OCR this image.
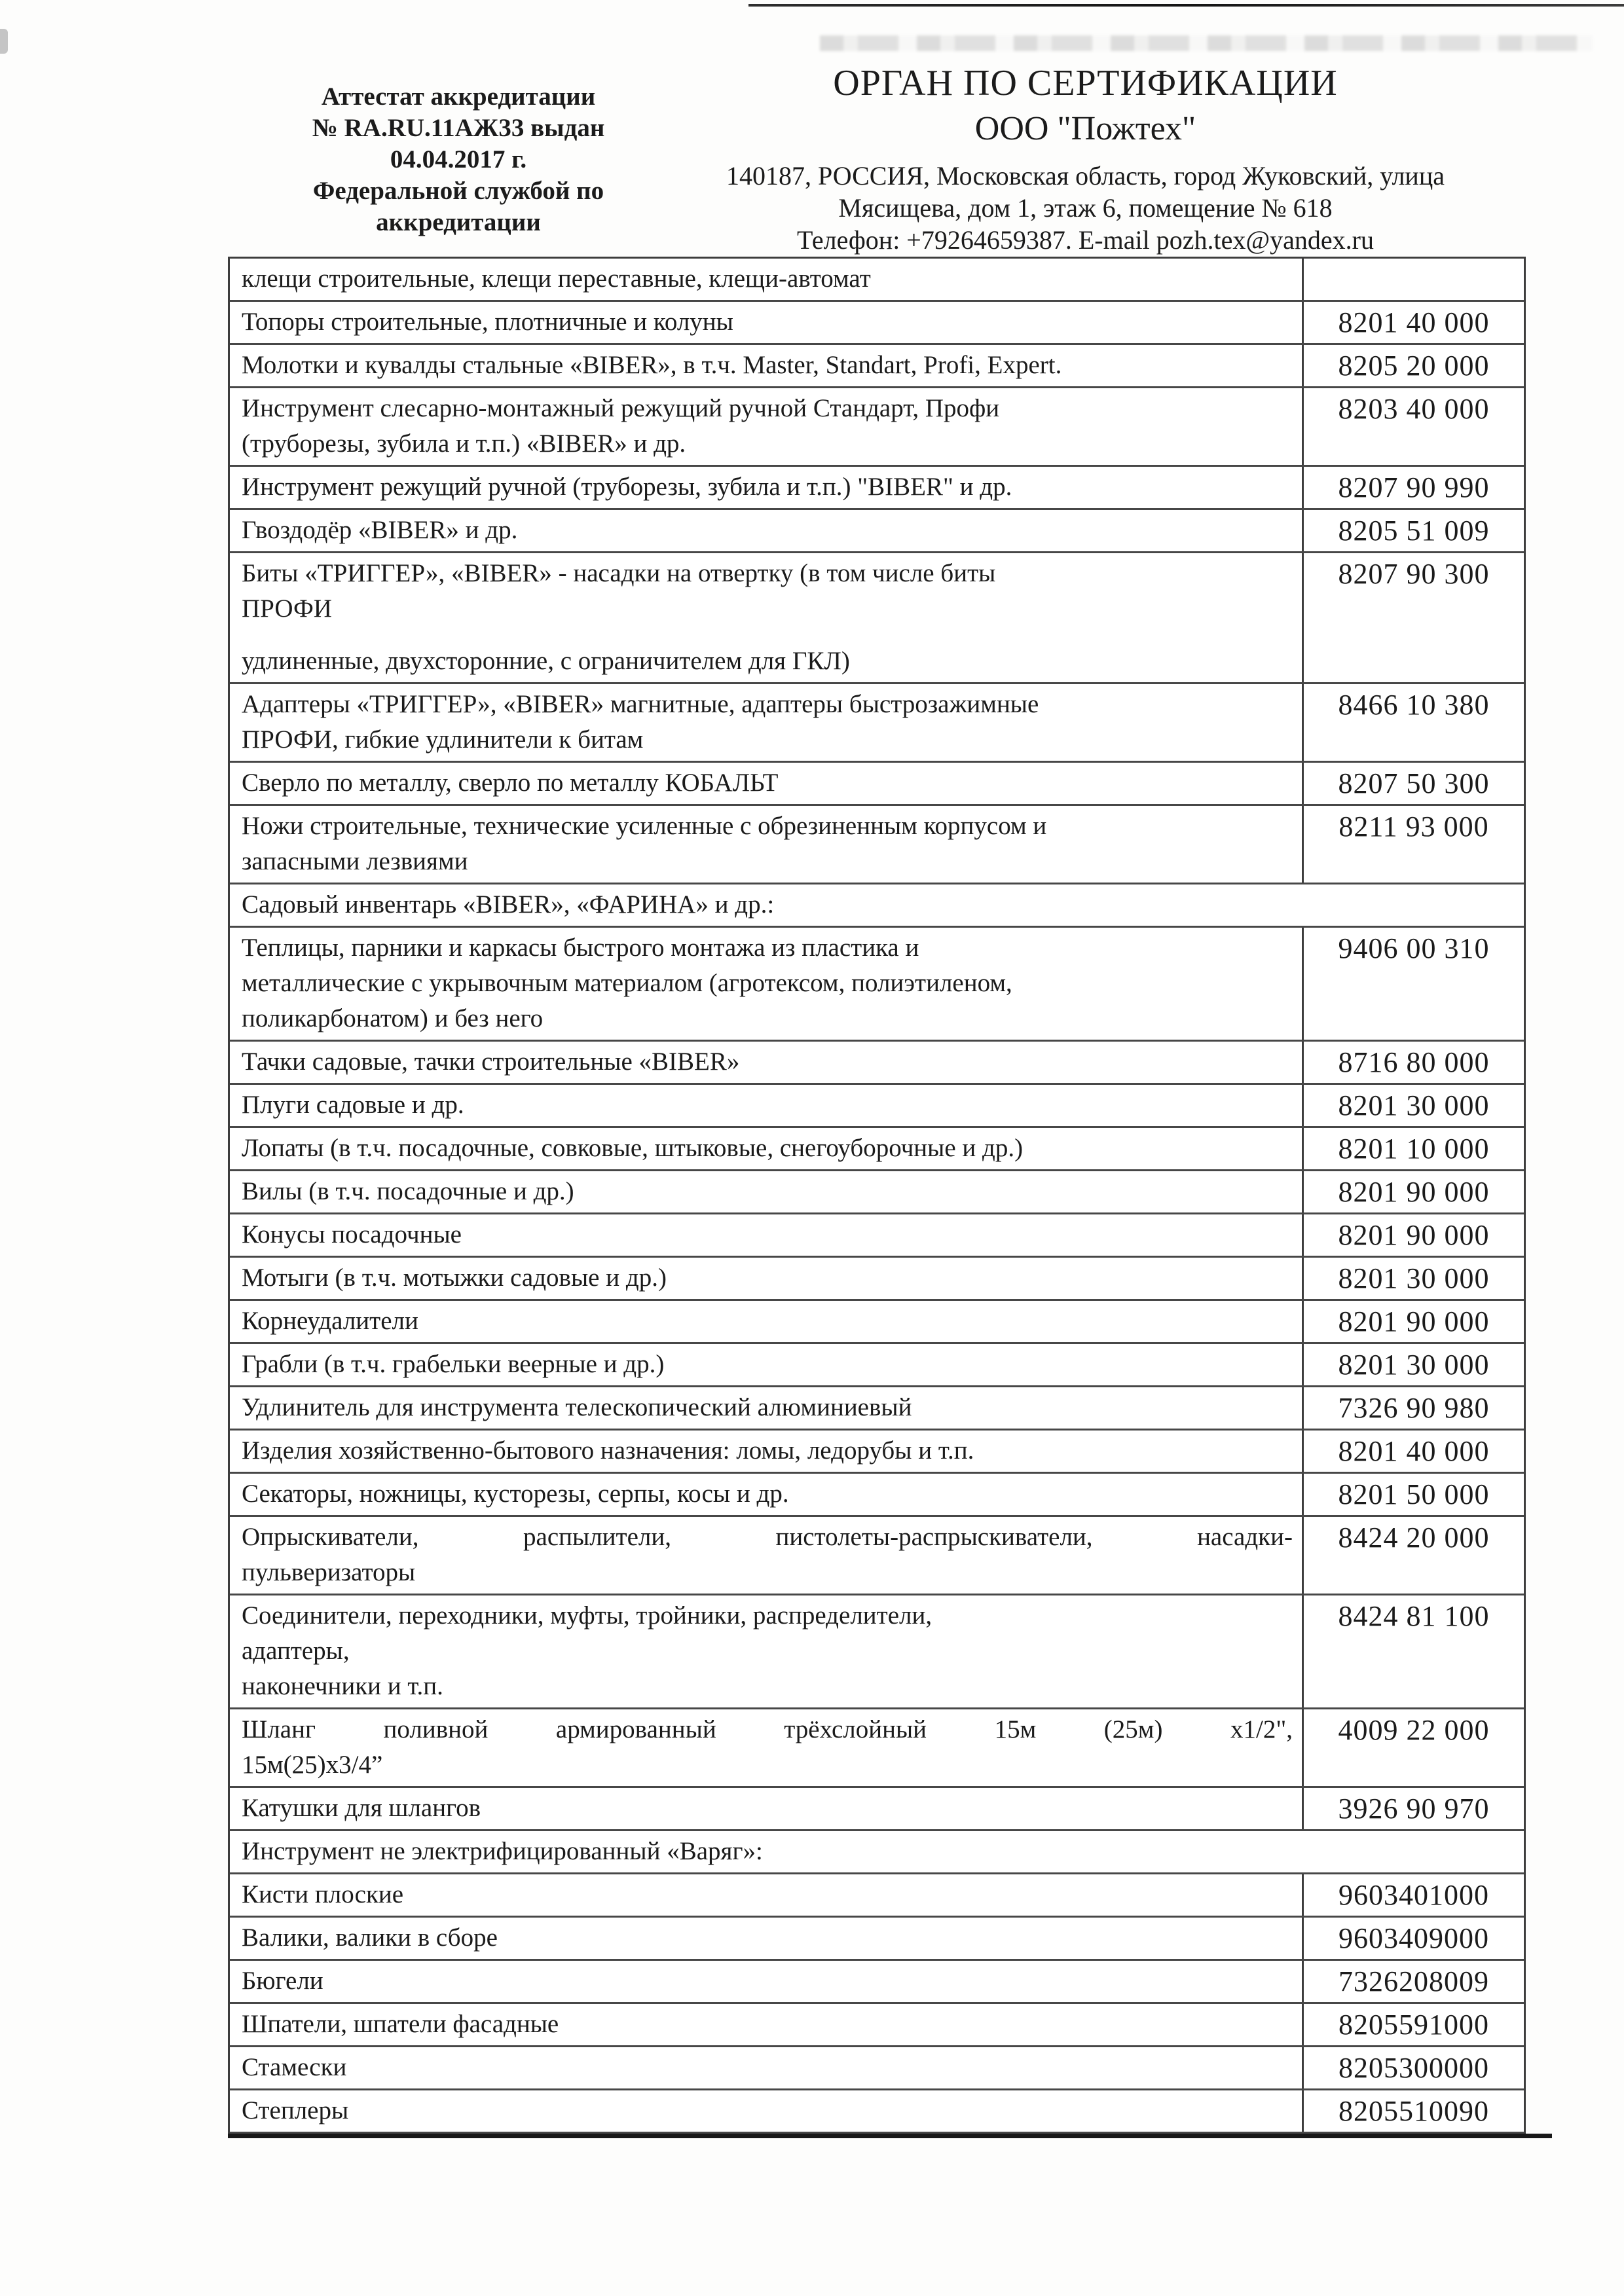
Аттестат аккредитации
№ RA.RU.11АЖ33 выдан
04.04.2017 г.
Федеральной службой по
аккредитации
ОРГАН ПО СЕРТИФИКАЦИИ
ООО "Пожтех"
140187, РОССИЯ, Московская область, город Жуковский, улица
Мясищева, дом 1, этаж 6, помещение № 618
Телефон: +79264659387. E-mail pozh.tex@yandex.ru
клещи строительные, клещи переставные, клещи-автомат
Топоры строительные, плотничные и колуны	8201 40 000
Молотки и кувалды стальные «BIBER», в т.ч. Master, Standart, Profi, Expert.	8205 20 000
Инструмент слесарно-монтажный режущий ручной Стандарт, Профи
(труборезы, зубила и т.п.) «BIBER» и др.
8203 40 000
Инструмент режущий ручной (труборезы, зубила и т.п.) "BIBER" и др.	8207 90 990
Гвоздодёр «BIBER» и др.	8205 51 009
Биты «ТРИГГЕР», «BIBER» - насадки на отвертку (в том числе биты
ПРОФИ
удлиненные, двухсторонние, с ограничителем для ГКЛ)
8207 90 300
Адаптеры «ТРИГГЕР», «BIBER» магнитные, адаптеры быстрозажимные
ПРОФИ, гибкие удлинители к битам
8466 10 380
Сверло по металлу, сверло по металлу КОБАЛЬТ	8207 50 300
Ножи строительные, технические усиленные с обрезиненным корпусом и
запасными лезвиями
8211 93 000
Садовый инвентарь «BIBER», «ФАРИНА» и др.:
Теплицы, парники и каркасы быстрого монтажа из пластика и
металлические с укрывочным материалом (агротексом, полиэтиленом,
поликарбонатом) и без него
9406 00 310
Тачки садовые, тачки строительные «BIBER»	8716 80 000
Плуги садовые и др.	8201 30 000
Лопаты (в т.ч. посадочные, совковые, штыковые, снегоуборочные и др.)	8201 10 000
Вилы (в т.ч. посадочные и др.)	8201 90 000
Конусы посадочные	8201 90 000
Мотыги (в т.ч. мотыжки садовые и др.)	8201 30 000
Корнеудалители	8201 90 000
Грабли (в т.ч. грабельки веерные и др.)	8201 30 000
Удлинитель для инструмента телескопический алюминиевый	7326 90 980
Изделия хозяйственно-бытового назначения: ломы, ледорубы и т.п.	8201 40 000
Секаторы, ножницы, кусторезы, серпы, косы и др.	8201 50 000
Опрыскиватели, распылители, пистолеты-распрыскиватели, насадки-
пульверизаторы
8424 20 000
Соединители, переходники, муфты, тройники, распределители,
адаптеры,
наконечники и т.п.
8424 81 100
Шланг поливной армированный трёхслойный 15м (25м) х1/2",
15м(25)х3/4”
4009 22 000
Катушки для шлангов	3926 90 970
Инструмент не электрифицированный «Варяг»:
Кисти плоские	9603401000
Валики, валики в сборе	9603409000
Бюгели	7326208009
Шпатели, шпатели фасадные	8205591000
Стамески	8205300000
Степлеры	8205510090
